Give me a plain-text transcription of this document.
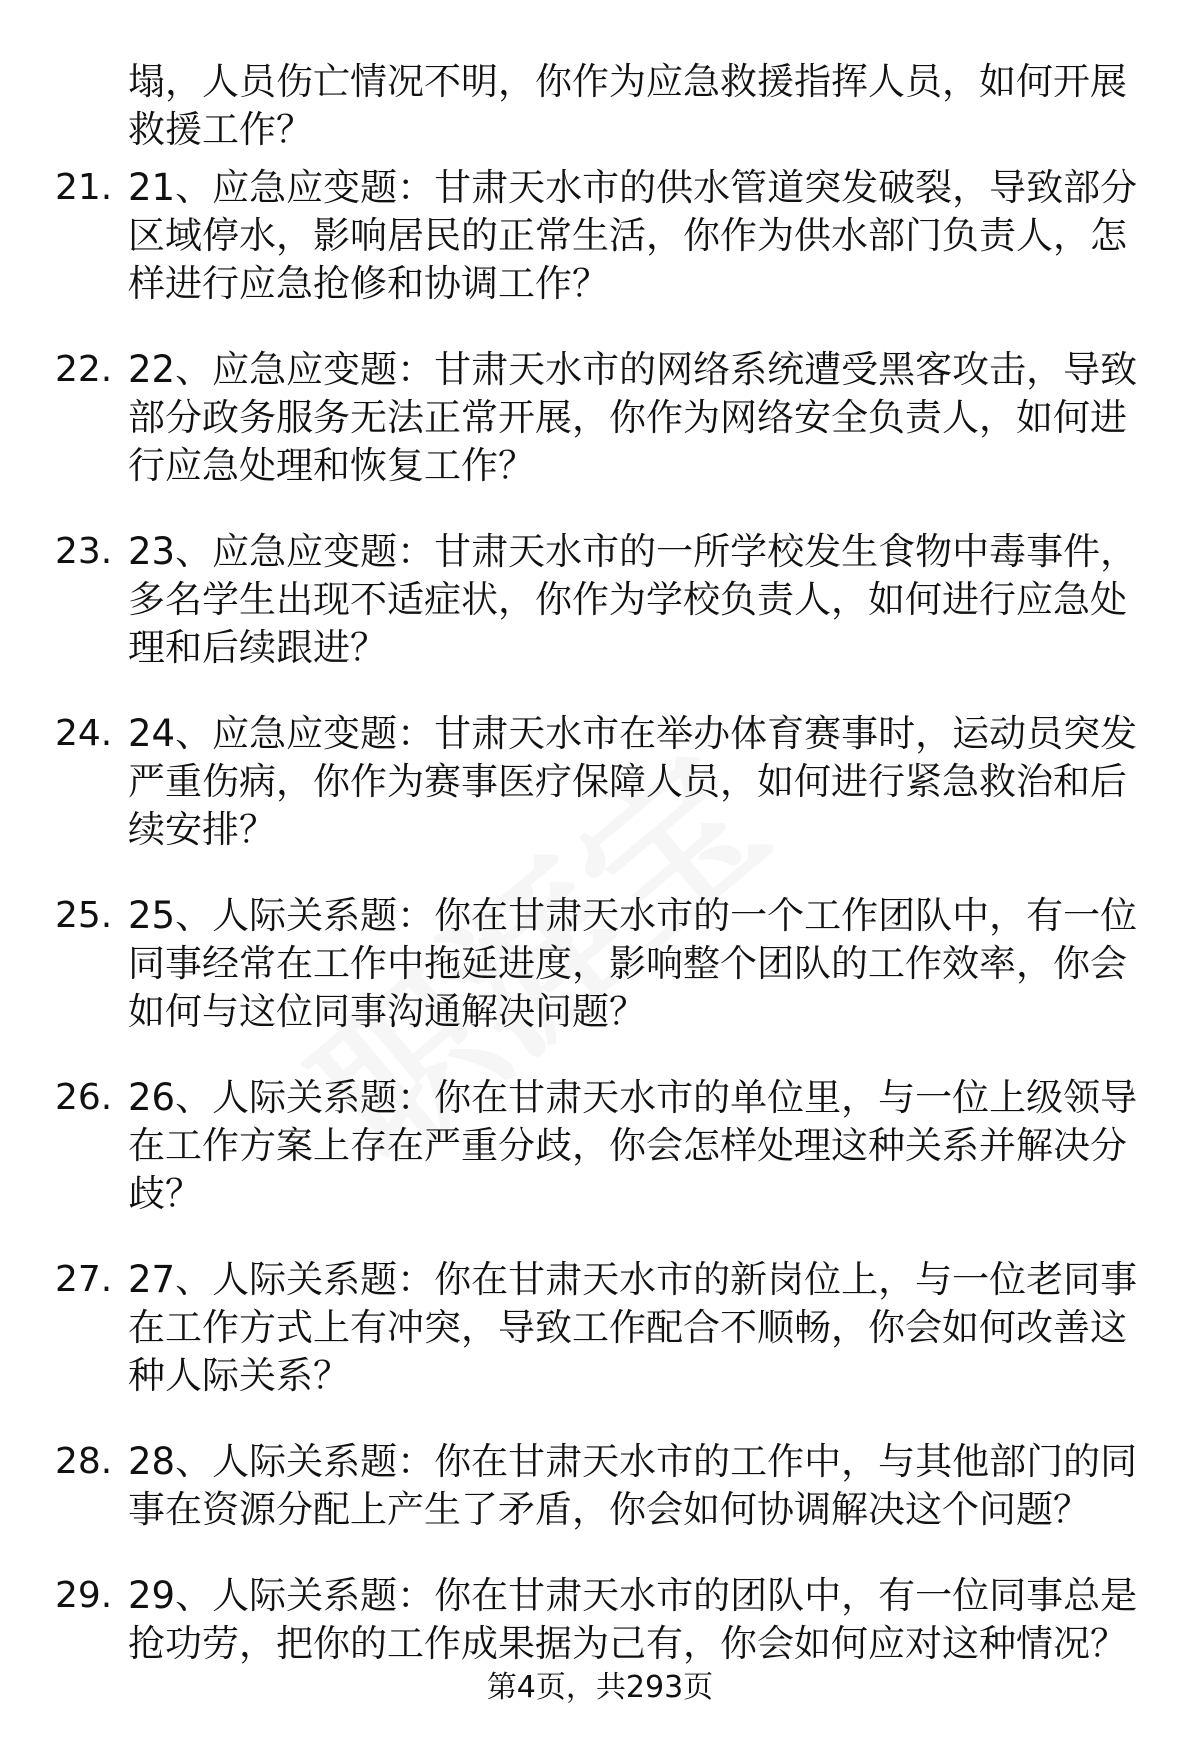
塌，人员伤亡情况不明，你作为应急救援指挥人员，如何开展救援工作？
21. 21、应急应变题：甘肃天水市的供水管道突发破裂，导致部分区域停水，影响居民的正常生活，你作为供水部门负责人，怎样进行应急抢修和协调工作？
22. 22、应急应变题：甘肃天水市的网络系统遭受黑客攻击，导致部分政务服务无法正常开展，你作为网络安全负责人，如何进行应急处理和恢复工作？
23. 23、应急应变题：甘肃天水市的一所学校发生食物中毒事件，多名学生出现不适症状，你作为学校负责人，如何进行应急处理和后续跟进？
24. 24、应急应变题：甘肃天水市在举办体育赛事时，运动员突发严重伤病，你作为赛事医疗保障人员，如何进行紧急救治和后续安排？
25. 25、人际关系题：你在甘肃天水市的一个工作团队中，有一位同事经常在工作中拖延进度，影响整个团队的工作效率，你会如何与这位同事沟通解决问题？
26. 26、人际关系题：你在甘肃天水市的单位里，与一位上级领导在工作方案上存在严重分歧，你会怎样处理这种关系并解决分歧？
27. 27、人际关系题：你在甘肃天水市的新岗位上，与一位老同事在工作方式上有冲突，导致工作配合不顺畅，你会如何改善这种人际关系？
28. 28、人际关系题：你在甘肃天水市的工作中，与其他部门的同事在资源分配上产生了矛盾，你会如何协调解决这个问题？
29. 29、人际关系题：你在甘肃天水市的团队中，有一位同事总是抢功劳，把你的工作成果据为己有，你会如何应对这种情况？
第4页，共293页
